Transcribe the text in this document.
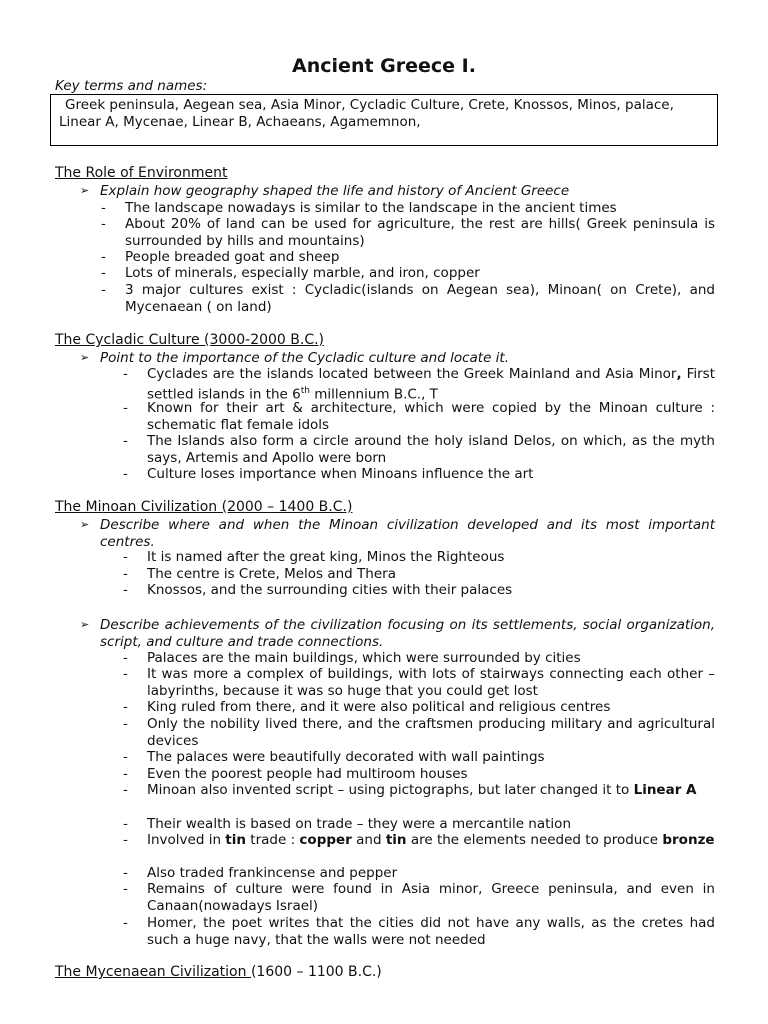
Ancient Greece I.
Key terms and names:
Greek peninsula, Aegean sea, Asia Minor, Cycladic Culture, Crete, Knossos, Minos, palace,
Linear A, Mycenae, Linear B, Achaeans, Agamemnon,
The Role of Environment
➢ Explain how geography shaped the life and history of Ancient Greece
- The landscape nowadays is similar to the landscape in the ancient times
- About 20% of land can be used for agriculture, the rest are hills( Greek peninsula is surrounded by hills and mountains)
- People breaded goat and sheep
- Lots of minerals, especially marble, and iron, copper
- 3 major cultures exist : Cycladic(islands on Aegean sea), Minoan( on Crete), and Mycenaean ( on land)
The Cycladic Culture (3000-2000 B.C.)
➢ Point to the importance of the Cycladic culture and locate it.
- Cyclades are the islands located between the Greek Mainland and Asia Minor, First settled islands in the 6th millennium B.C., T
- Known for their art & architecture, which were copied by the Minoan culture : schematic flat female idols
- The Islands also form a circle around the holy island Delos, on which, as the myth says, Artemis and Apollo were born
- Culture loses importance when Minoans influence the art
The Minoan Civilization (2000 – 1400 B.C.)
➢ Describe where and when the Minoan civilization developed and its most important centres.
- It is named after the great king, Minos the Righteous
- The centre is Crete, Melos and Thera
- Knossos, and the surrounding cities with their palaces
➢ Describe achievements of the civilization focusing on its settlements, social organization, script, and culture and trade connections.
- Palaces are the main buildings, which were surrounded by cities
- It was more a complex of buildings, with lots of stairways connecting each other – labyrinths, because it was so huge that you could get lost
- King ruled from there, and it were also political and religious centres
- Only the nobility lived there, and the craftsmen producing military and agricultural devices
- The palaces were beautifully decorated with wall paintings
- Even the poorest people had multiroom houses
- Minoan also invented script – using pictographs, but later changed it to Linear A
- Their wealth is based on trade – they were a mercantile nation
- Involved in tin trade : copper and tin are the elements needed to produce bronze
- Also traded frankincense and pepper
- Remains of culture were found in Asia minor, Greece peninsula, and even in Canaan(nowadays Israel)
- Homer, the poet writes that the cities did not have any walls, as the cretes had such a huge navy, that the walls were not needed
The Mycenaean Civilization (1600 – 1100 B.C.)
